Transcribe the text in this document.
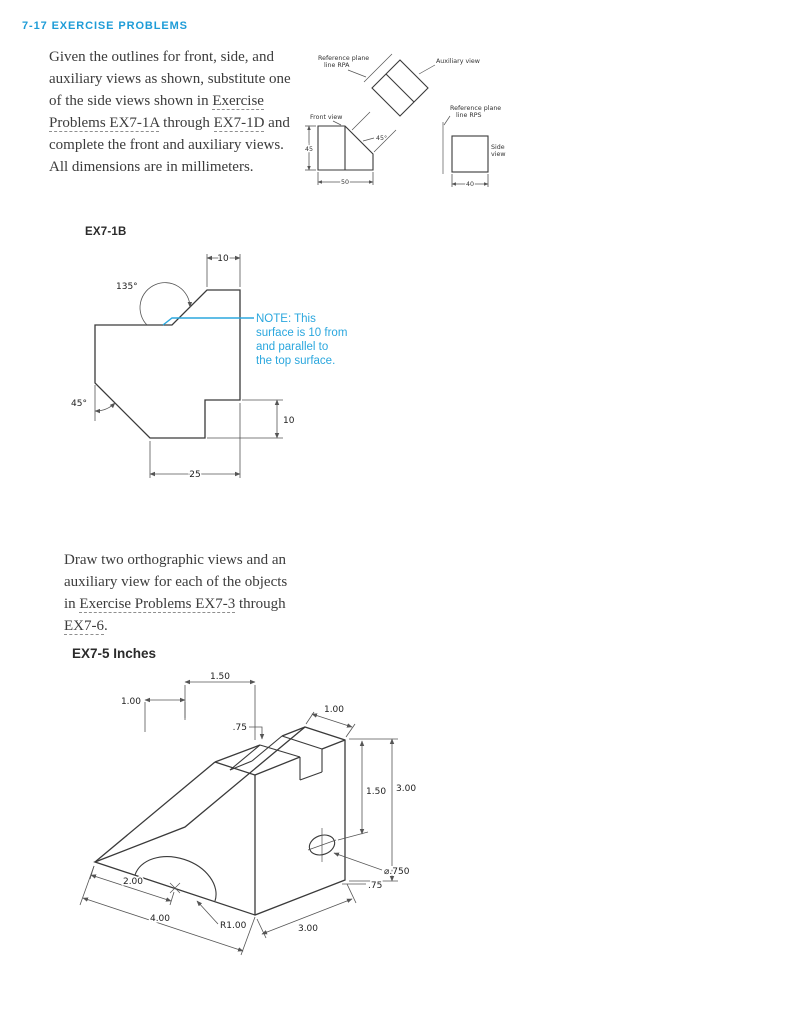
7-17 EXERCISE PROBLEMS

Given the outlines for front, side, and auxiliary views as shown, substitute one of the side views shown in Exercise Problems EX7-1A through EX7-1D and complete the front and auxiliary views. All dimensions are in millimeters.

Reference plane
line RPA
Auxiliary view
Front view
45°
50
45
Reference plane
line RPS
Side
view
40
EX7-1B
10
135°
45°
10
25
NOTE: This
surface is 10 from
and parallel to
the top surface.

Draw two orthographic views and an auxiliary view for each of the objects in Exercise Problems EX7-3 through EX7-6.

EX7-5 Inches
1.50
1.00
.75
1.00
3.00
1.50
⌀.750
.75
2.00
4.00
R1.00	3.00
